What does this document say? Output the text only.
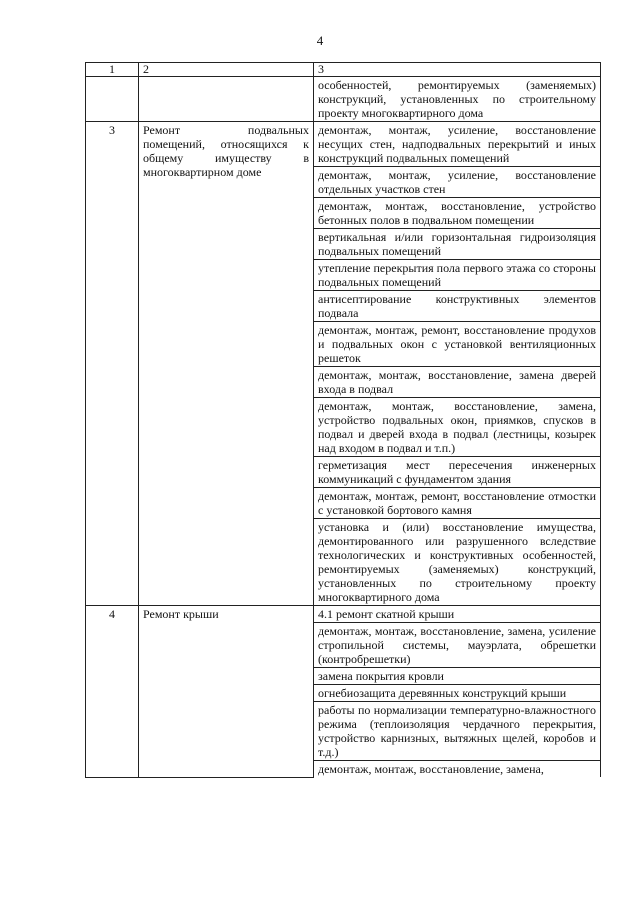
4
1	2	3
		особенностей, ремонтируемых (заменяемых) конструкций, установленных по строительному проекту многоквартирного дома
3	Ремонт подвальных помещений, относящихся к общему имуществу в многоквартирном доме	демонтаж, монтаж, усиление, восстановление несущих стен, надподвальных перекрытий и иных конструкций подвальных помещений
		демонтаж, монтаж, усиление, восстановление отдельных участков стен
		демонтаж, монтаж, восстановление, устройство бетонных полов в подвальном помещении
		вертикальная и/или горизонтальная гидроизоляция подвальных помещений
		утепление перекрытия пола первого этажа со стороны подвальных помещений
		антисептирование конструктивных элементов подвала
		демонтаж, монтаж, ремонт, восстановление продухов и подвальных окон с установкой вентиляционных решеток
		демонтаж, монтаж, восстановление, замена дверей входа в подвал
		демонтаж, монтаж, восстановление, замена, устройство подвальных окон, приямков, спусков в подвал и дверей входа в подвал (лестницы, козырек над входом в подвал и т.п.)
		герметизация мест пересечения инженерных коммуникаций с фундаментом здания
		демонтаж, монтаж, ремонт, восстановление отмостки с установкой бортового камня
		установка и (или) восстановление имущества, демонтированного или разрушенного вследствие технологических и конструктивных особенностей, ремонтируемых (заменяемых) конструкций, установленных по строительному проекту многоквартирного дома
4	Ремонт крыши	4.1 ремонт скатной крыши
		демонтаж, монтаж, восстановление, замена, усиление стропильной системы, мауэрлата, обрешетки (контробрешетки)
		замена покрытия кровли
		огнебиозащита деревянных конструкций крыши
		работы по нормализации температурно-влажностного режима (теплоизоляция чердачного перекрытия, устройство карнизных, вытяжных щелей, коробов и т.д.)
		демонтаж, монтаж, восстановление, замена,
